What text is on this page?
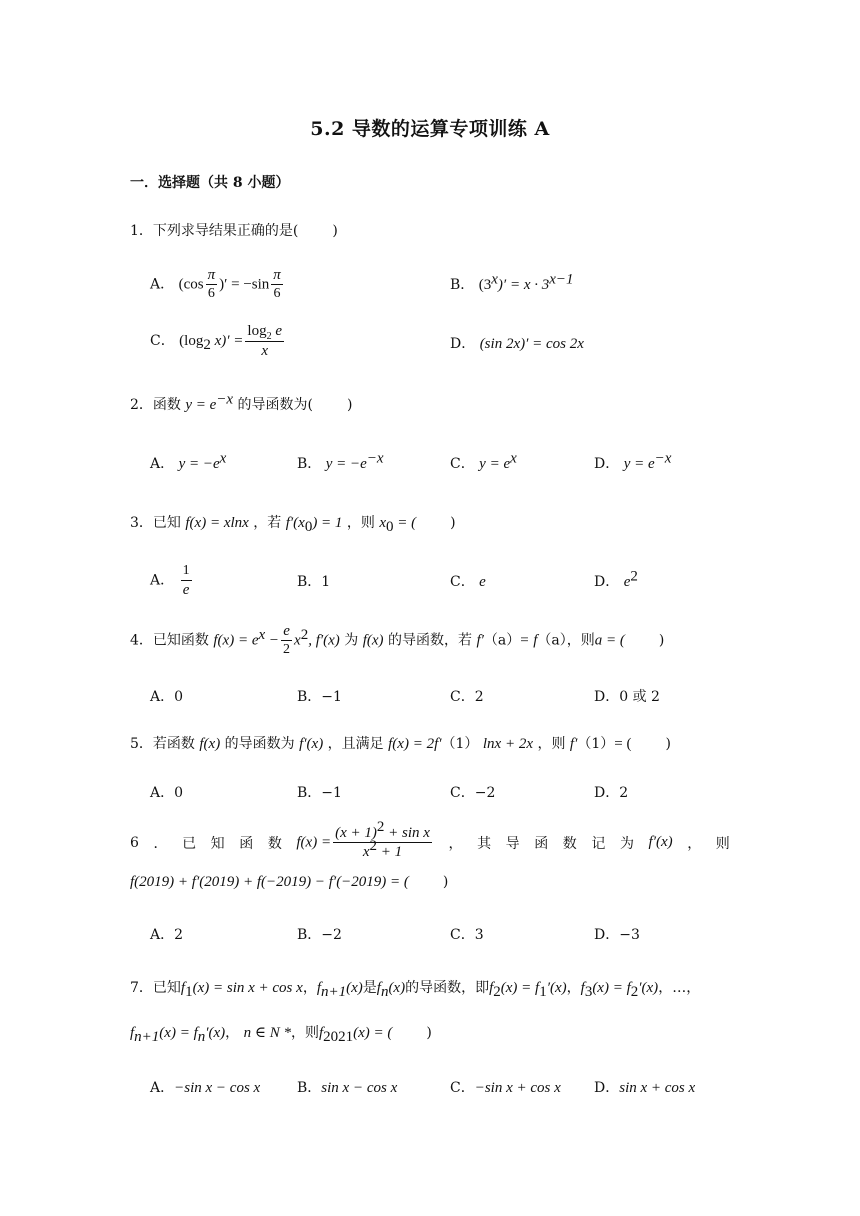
5.2 导数的运算专项训练 A
一．选择题（共 8 小题）
1．下列求导结果正确的是( )
A． ($\cos \frac{\pi}{6}$ )′ = $-\sin \frac{\pi}{6}$	B． $(3^x)' = x \cdot 3^{x-1}$
C． ($\log_2$ $x)' = \frac{\log_2 e}{x}$	D． (sin 2x)′ = cos 2x
2．函数 $y = e^{-x}$ 的导函数为( )
A． $y = -e^x$	B． $y = -e^{-x}$	C． $y = e^x$	D． $y = e^{-x}$
3．已知 f(x) = xlnx ，若 $f'(x_0) = 1$ ，则 $x_0$ = ( )
A． $\frac{1}{e}$	B．1	C． e	D． $e^2$
4．已知函数 $f(x) = e^x - \frac{e}{2} x^2$, f′(x) 为 f(x) 的导函数，若 f′（a）= f（a），则a = ( )
A．0	B．−1	C．2	D．0 或 2
5．若函数 f(x) 的导函数为 f′(x) ，且满足 f(x) = 2f′（1） lnx + 2x ，则 f′（1）= ( )
A．0	B．−1	C．−2	D．2
6 ． 已 知 函 数 $f(x) = \frac{(x + 1)^2 + \sin x}{x^2 + 1}$ ， 其 导 函 数 记 为 f′(x) ， 则
f(2019) + f′(2019) + f(−2019) − f′(−2019) = ( )
A．2	B．−2	C．3	D．−3
7．已知$f_1(x) = \sin x + \cos x$，$f_{n+1}(x)$是$f_n(x)$的导函数，即$f_2(x) = f_1'(x)$，$f_3(x) = f_2'(x)$，…，
$f_{n+1}(x) = f_n'(x)$， n ∈ N *，则$f_{2021}(x)$ = ( )
A．−sin x − cos x	B．sin x − cos x	C．−sin x + cos x D．sin x + cos x
